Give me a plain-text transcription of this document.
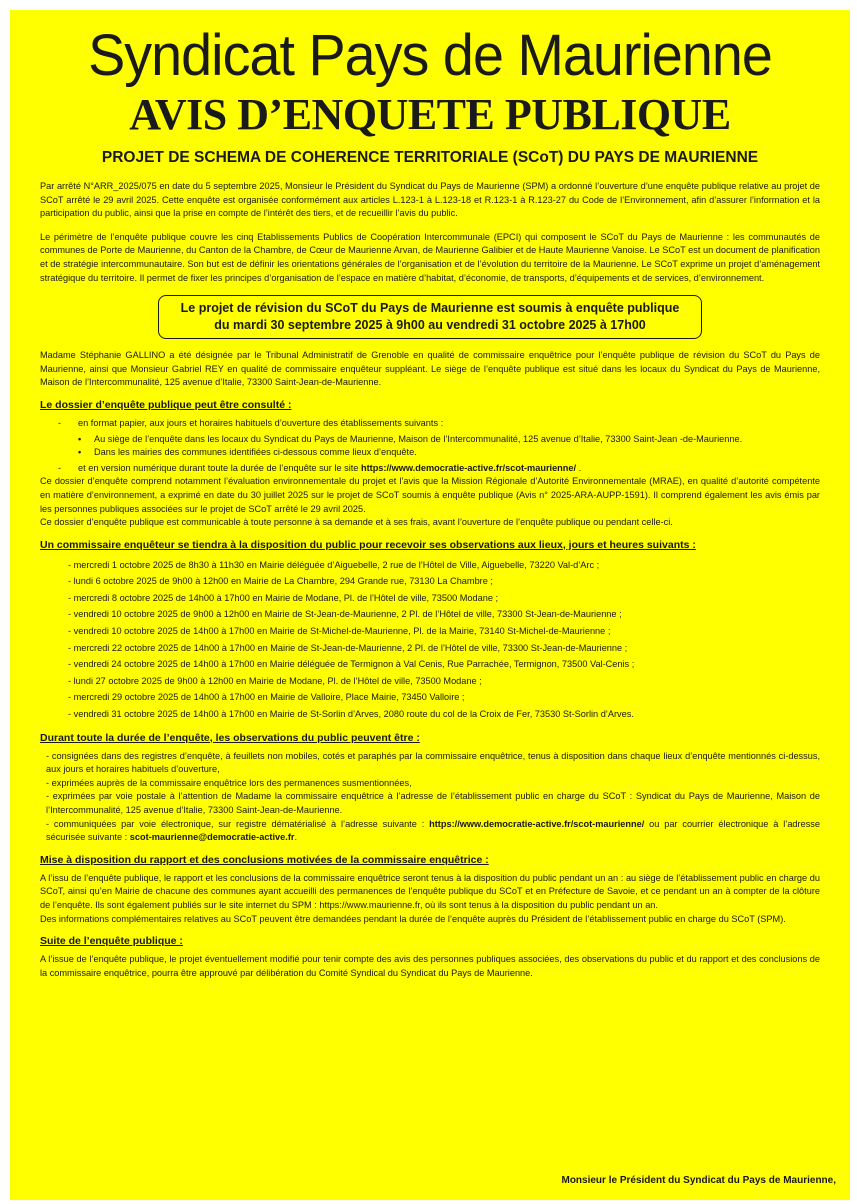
Syndicat Pays de Maurienne
AVIS D’ENQUETE PUBLIQUE
PROJET DE SCHEMA DE COHERENCE TERRITORIALE (SCoT) DU PAYS DE MAURIENNE

Par arrêté N°ARR_2025/075 en date du 5 septembre 2025, Monsieur le Président du Syndicat du Pays de Maurienne (SPM) a ordonné l’ouverture d’une enquête publique relative au projet de SCoT arrêté le 29 avril 2025. Cette enquête est organisée conformément aux articles L.123-1 à L.123-18 et R.123-1 à R.123-27 du Code de l’Environnement, afin d’assurer l’information et la participation du public, ainsi que la prise en compte de l’intérêt des tiers, et de recueillir l’avis du public.

Le périmètre de l’enquête publique couvre les cinq Etablissements Publics de Coopération Intercommunale (EPCI) qui composent le SCoT du Pays de Maurienne : les communautés de communes de Porte de Maurienne, du Canton de la Chambre, de Cœur de Maurienne Arvan, de Maurienne Galibier et de Haute Maurienne Vanoise. Le SCoT est un document de planification et de stratégie intercommunautaire. Son but est de définir les orientations générales de l’organisation et de l’évolution du territoire de la Maurienne. Le SCoT exprime un projet d’aménagement stratégique du territoire. Il permet de fixer les principes d’organisation de l’espace en matière d’habitat, d’économie, de transports, d’équipements et de services, d’environnement.

Le projet de révision du SCoT du Pays de Maurienne est soumis à enquête publique
du mardi 30 septembre 2025 à 9h00 au vendredi 31 octobre 2025 à 17h00

Madame Stéphanie GALLINO a été désignée par le Tribunal Administratif de Grenoble en qualité de commissaire enquêtrice pour l’enquête publique de révision du SCoT du Pays de Maurienne, ainsi que Monsieur Gabriel REY en qualité de commissaire enquêteur suppléant. Le siège de l’enquête publique est situé dans les locaux du Syndicat du Pays de Maurienne, Maison de l’Intercommunalité, 125 avenue d’Italie, 73300 Saint-Jean-de-Maurienne.

Le dossier d’enquête publique peut être consulté :
- en format papier, aux jours et horaires habituels d’ouverture des établissements suivants :
• Au siège de l’enquête dans les locaux du Syndicat du Pays de Maurienne, Maison de l’Intercommunalité, 125 avenue d’Italie, 73300 Saint-Jean -de-Maurienne.
• Dans les mairies des communes identifiées ci-dessous comme lieux d’enquête.
- et en version numérique durant toute la durée de l’enquête sur le site https://www.democratie-active.fr/scot-maurienne/ .

Ce dossier d’enquête comprend notamment l’évaluation environnementale du projet et l’avis que la Mission Régionale d’Autorité Environnementale (MRAE), en qualité d’autorité compétente en matière d’environnement, a exprimé en date du 30 juillet 2025 sur le projet de SCoT soumis à enquête publique (Avis n° 2025-ARA-AUPP-1591). Il comprend également les avis émis par les personnes publiques associées sur le projet de SCoT arrêté le 29 avril 2025.

Ce dossier d’enquête publique est communicable à toute personne à sa demande et à ses frais, avant l’ouverture de l’enquête publique ou pendant celle-ci.

Un commissaire enquêteur se tiendra à la disposition du public pour recevoir ses observations aux lieux, jours et heures suivants :
- mercredi 1 octobre 2025 de 8h30 à 11h30 en Mairie déléguée d’Aiguebelle, 2 rue de l’Hôtel de Ville, Aiguebelle, 73220 Val-d’Arc ;
- lundi 6 octobre 2025 de 9h00 à 12h00 en Mairie de La Chambre, 294 Grande rue, 73130 La Chambre ;
- mercredi 8 octobre 2025 de 14h00 à 17h00 en Mairie de Modane, Pl. de l’Hôtel de ville, 73500 Modane ;
- vendredi 10 octobre 2025 de 9h00 à 12h00 en Mairie de St-Jean-de-Maurienne, 2 Pl. de l’Hôtel de ville, 73300 St-Jean-de-Maurienne ;
- vendredi 10 octobre 2025 de 14h00 à 17h00 en Mairie de St-Michel-de-Maurienne, Pl. de la Mairie, 73140 St-Michel-de-Maurienne ;
- mercredi 22 octobre 2025 de 14h00 à 17h00 en Mairie de St-Jean-de-Maurienne, 2 Pl. de l’Hôtel de ville, 73300 St-Jean-de-Maurienne ;
- vendredi 24 octobre 2025 de 14h00 à 17h00 en Mairie déléguée de Termignon à Val Cenis, Rue Parrachée, Termignon, 73500 Val-Cenis ;
- lundi 27 octobre 2025 de 9h00 à 12h00 en Mairie de Modane, Pl. de l’Hôtel de ville, 73500 Modane ;
- mercredi 29 octobre 2025 de 14h00 à 17h00 en Mairie de Valloire, Place Mairie, 73450 Valloire ;
- vendredi 31 octobre 2025 de 14h00 à 17h00 en Mairie de St-Sorlin d’Arves, 2080 route du col de la Croix de Fer, 73530 St-Sorlin d’Arves.
Durant toute la durée de l’enquête, les observations du public peuvent être :
- consignées dans des registres d’enquête, à feuillets non mobiles, cotés et paraphés par la commissaire enquêtrice, tenus à disposition dans chaque lieux d’enquête mentionnés ci-dessus, aux jours et horaires habituels d’ouverture,
- exprimées auprès de la commissaire enquêtrice lors des permanences susmentionnées,
- exprimées par voie postale à l’attention de Madame la commissaire enquêtrice à l’adresse de l’établissement public en charge du SCoT : Syndicat du Pays de Maurienne, Maison de l’Intercommunalité, 125 avenue d’Italie, 73300 Saint-Jean-de-Maurienne.
- communiquées par voie électronique, sur registre dématérialisé à l’adresse suivante : https://www.democratie-active.fr/scot-maurienne/ ou par courrier électronique à l’adresse sécurisée suivante : scot-maurienne@democratie-active.fr.
Mise à disposition du rapport et des conclusions motivées de la commissaire enquêtrice :

A l’issu de l’enquête publique, le rapport et les conclusions de la commissaire enquêtrice seront tenus à la disposition du public pendant un an : au siège de l’établissement public en charge du SCoT, ainsi qu’en Mairie de chacune des communes ayant accueilli des permanences de l’enquête publique du SCoT et en Préfecture de Savoie, et ce pendant un an à compter de la clôture de l’enquête. Ils sont également publiés sur le site internet du SPM : https://www.maurienne.fr, où ils sont tenus à la disposition du public pendant un an.

Des informations complémentaires relatives au SCoT peuvent être demandées pendant la durée de l’enquête auprès du Président de l’établissement public en charge du SCoT (SPM).

Suite de l’enquête publique :

A l’issue de l’enquête publique, le projet éventuellement modifié pour tenir compte des avis des personnes publiques associées, des observations du public et du rapport et des conclusions de la commissaire enquêtrice, pourra être approuvé par délibération du Comité Syndical du Syndicat du Pays de Maurienne.

Monsieur le Président du Syndicat du Pays de Maurienne,
